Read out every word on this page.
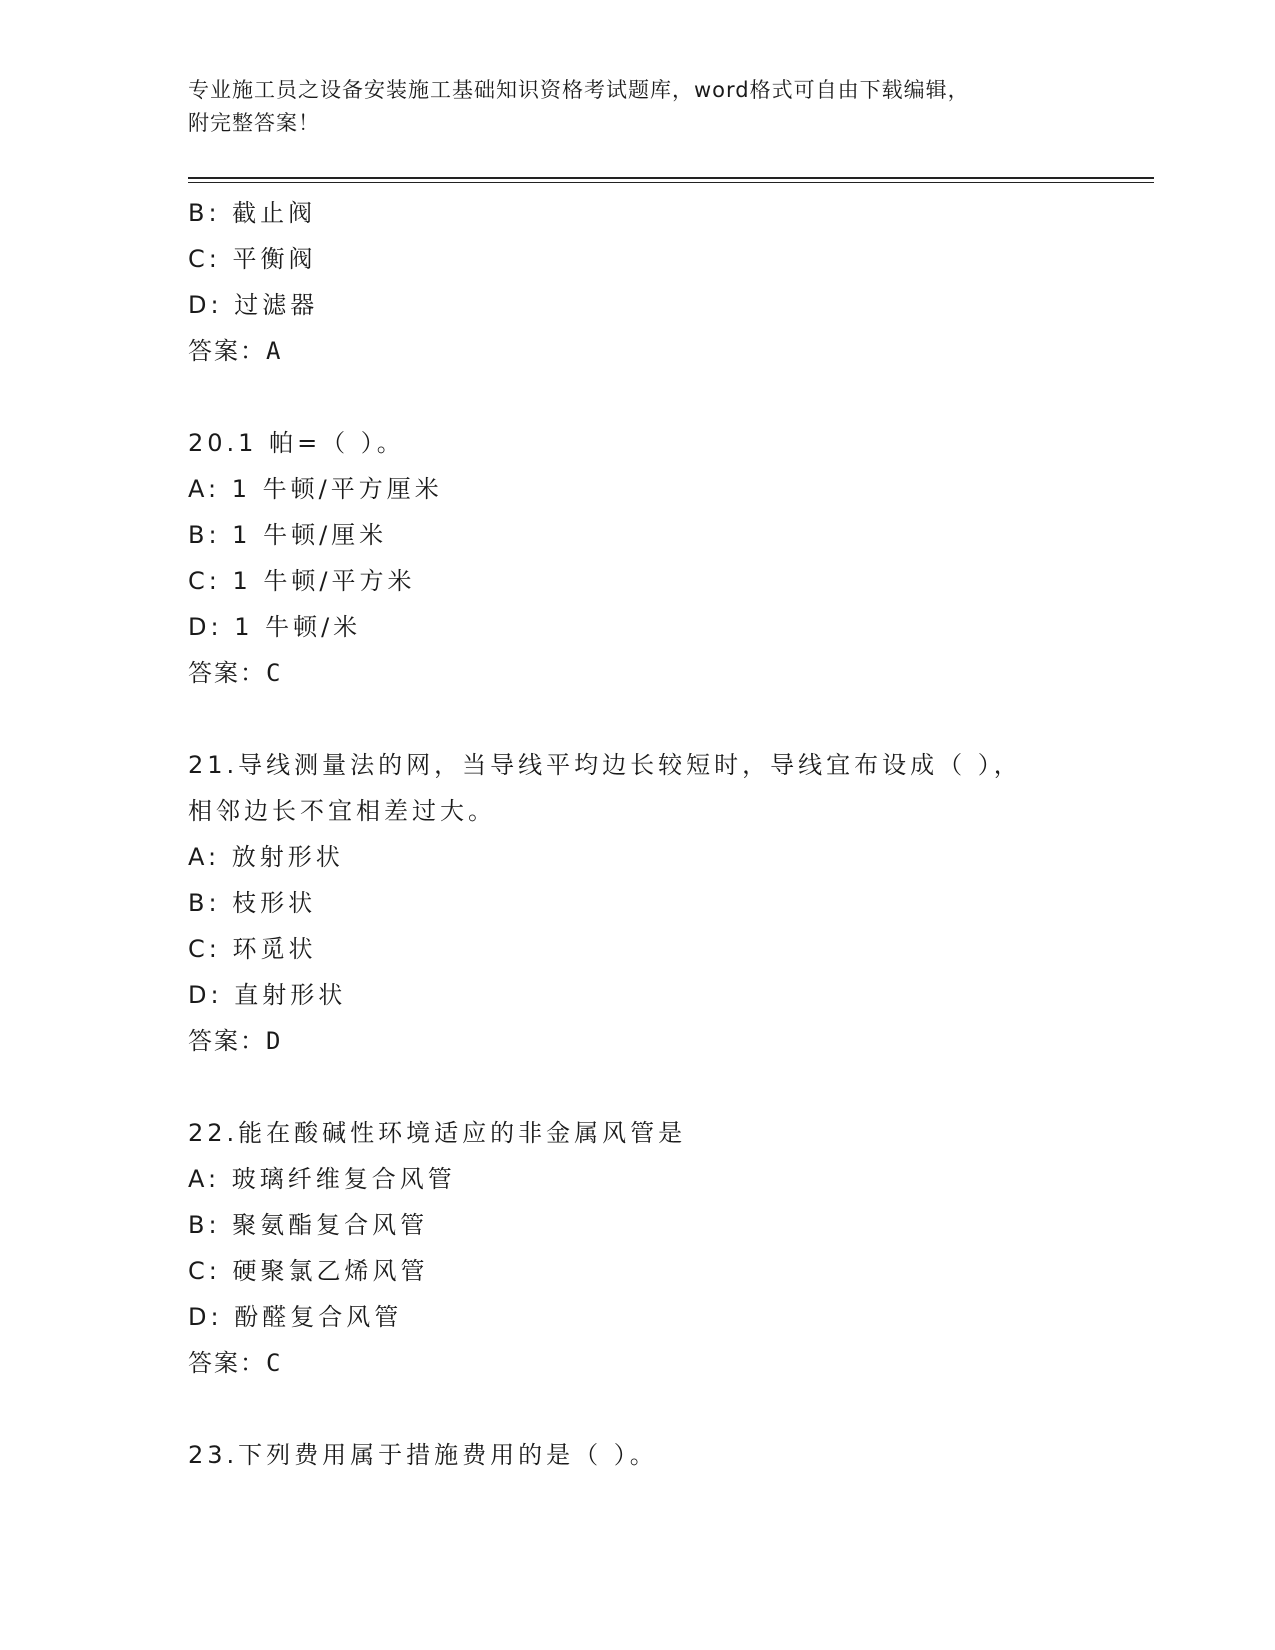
专业施工员之设备安装施工基础知识资格考试题库，word格式可自由下载编辑，
附完整答案！
B: 截止阀
C: 平衡阀
D: 过滤器
答案：A
20.1 帕=（ ）。
A: 1 牛顿/平方厘米
B: 1 牛顿/厘米
C: 1 牛顿/平方米
D: 1 牛顿/米
答案：C
21.导线测量法的网，当导线平均边长较短时，导线宜布设成（ ），
相邻边长不宜相差过大。
A: 放射形状
B: 枝形状
C: 环觅状
D: 直射形状
答案：D
22.能在酸碱性环境适应的非金属风管是
A: 玻璃纤维复合风管
B: 聚氨酯复合风管
C: 硬聚氯乙烯风管
D: 酚醛复合风管
答案：C
23.下列费用属于措施费用的是（ ）。
